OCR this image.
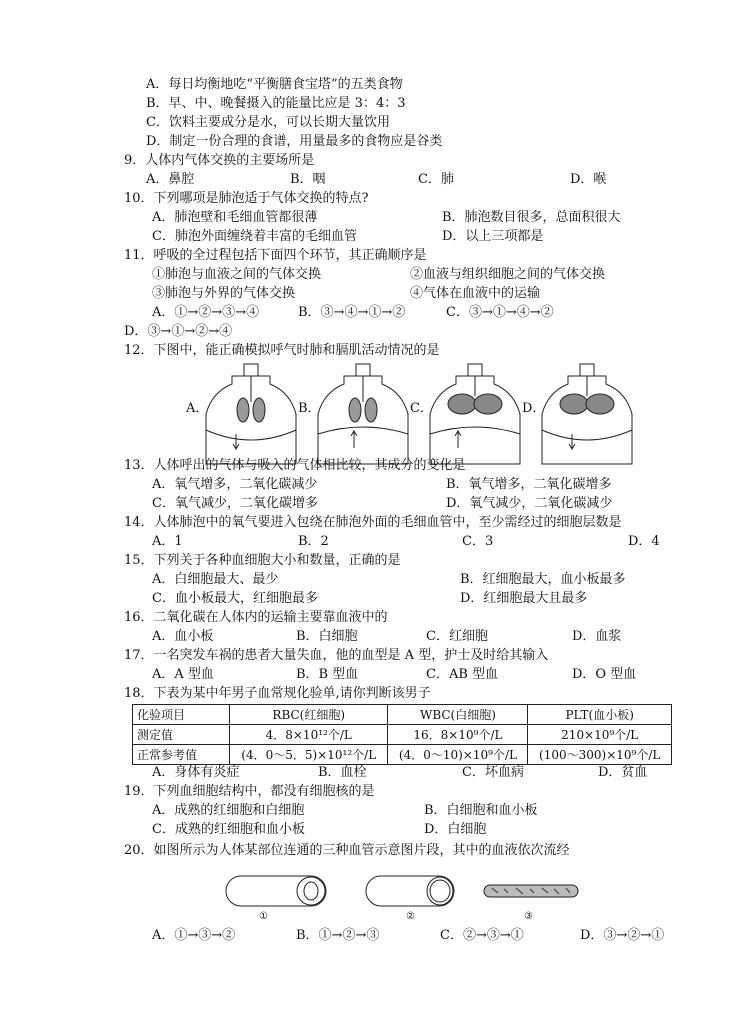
A．每日均衡地吃“平衡膳食宝塔”的五类食物
B．早、中、晚餐摄入的能量比应是 3：4：3
C．饮料主要成分是水，可以长期大量饮用
D．制定一份合理的食谱，用量最多的食物应是谷类
9．人体内气体交换的主要场所是
A．鼻腔	B．咽	C．肺	D．喉
10．下列哪项是肺泡适于气体交换的特点?
A．肺泡壁和毛细血管都很薄	B．肺泡数目很多，总面积很大
C．肺泡外面缠绕着丰富的毛细血管	D．以上三项都是
11．呼吸的全过程包括下面四个环节，其正确顺序是
①肺泡与血液之间的气体交换	②血液与组织细胞之间的气体交换
③肺泡与外界的气体交换	④气体在血液中的运输
A．①→②→③→④	B．③→④→①→②	C．③→①→④→②
D．③→①→②→④
12．下图中，能正确模拟呼气时肺和膈肌活动情况的是
A．	B．	C．	D．
①	②	③
13．人体呼出的气体与吸入的气体相比较，其成分的变化是
A．氧气增多，二氧化碳减少	B．氧气增多，二氧化碳增多
C．氧气减少，二氧化碳增多	D．氧气减少，二氧化碳减少
14．人体肺泡中的氧气要进入包绕在肺泡外面的毛细血管中，至少需经过的细胞层数是
A．1	B．2	C．3	D．4
15．下列关于各种血细胞大小和数量，正确的是
A．白细胞最大、最少	B．红细胞最大，血小板最多
C．血小板最大，红细胞最多	D．红细胞最大且最多
16．二氧化碳在人体内的运输主要靠血液中的
A．血小板	B．白细胞	C．红细胞	D．血浆
17．一名突发车祸的患者大量失血，他的血型是 A 型，护士及时给其输入
A．A 型血	B．B 型血	C．AB 型血	D．O 型血
18．下表为某中年男子血常规化验单,请你判断该男子
化验项目	RBC(红细胞)	WBC(白细胞)	PLT(血小板)
测定值	4．8×10¹²个/L	16．8×10⁹个/L	210×10⁹个/L
正常参考值	(4．0～5．5)×10¹²个/L	(4．0～10)×10⁹个/L	(100～300)×10⁹个/L
A．身体有炎症	B．血栓	C．坏血病	D．贫血
19．下列血细胞结构中，都没有细胞核的是
A．成熟的红细胞和白细胞	B．白细胞和血小板
C．成熟的红细胞和血小板	D．白细胞
20．如图所示为人体某部位连通的三种血管示意图片段，其中的血液依次流经
A．①→③→②	B．①→②→③	C．②→③→①	D．③→②→①
